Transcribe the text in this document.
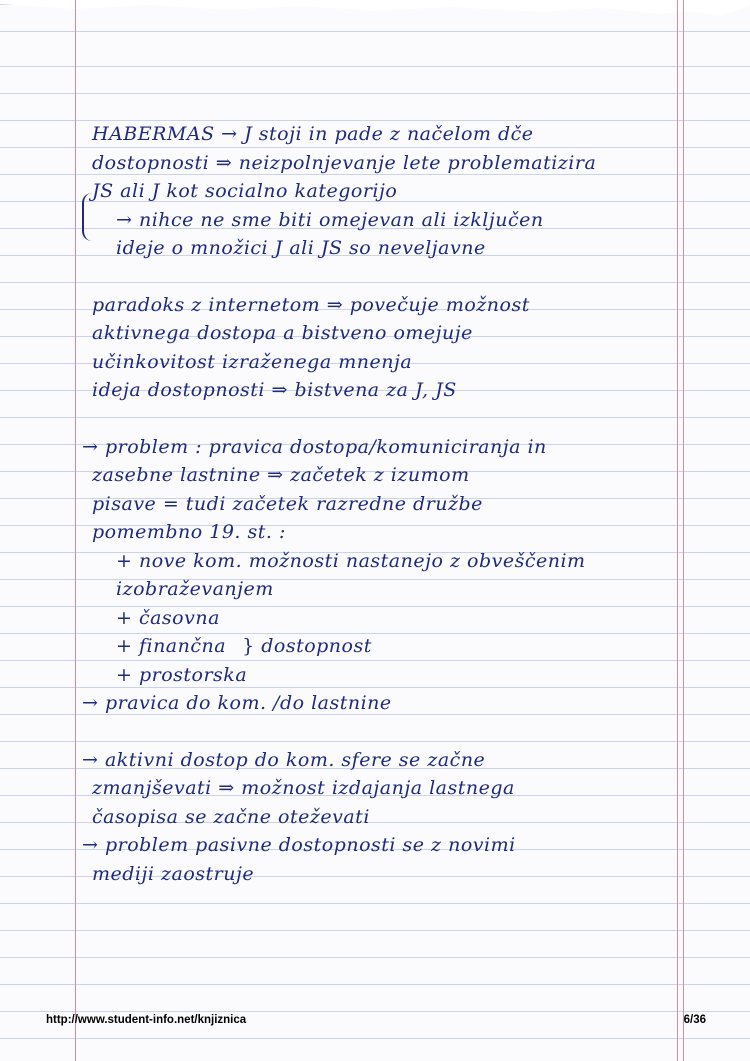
HABERMAS → J stoji in pade z načelom dče
dostopnosti ⇒ neizpolnjevanje lete problematizira
JS ali J kot socialno kategorijo
→ nihce ne sme biti omejevan ali izključen
ideje o množici J ali JS so neveljavne
paradoks z internetom ⇒ povečuje možnost
aktivnega dostopa a bistveno omejuje
učinkovitost izraženega mnenja
ideja dostopnosti ⇒ bistvena za J, JS
→ problem : pravica dostopa/komuniciranja in
zasebne lastnine ⇒ začetek z izumom
pisave = tudi začetek razredne družbe
pomembno 19. st. :
+ nove kom. možnosti nastanejo z obveščenim
izobraževanjem
+ časovna
+ finančna } dostopnost
+ prostorska
→ pravica do kom. /do lastnine
→ aktivni dostop do kom. sfere se začne
zmanjševati ⇒ možnost izdajanja lastnega
časopisa se začne oteževati
→ problem pasivne dostopnosti se z novimi
mediji zaostruje
http://www.student-info.net/knjiznica	6/36
